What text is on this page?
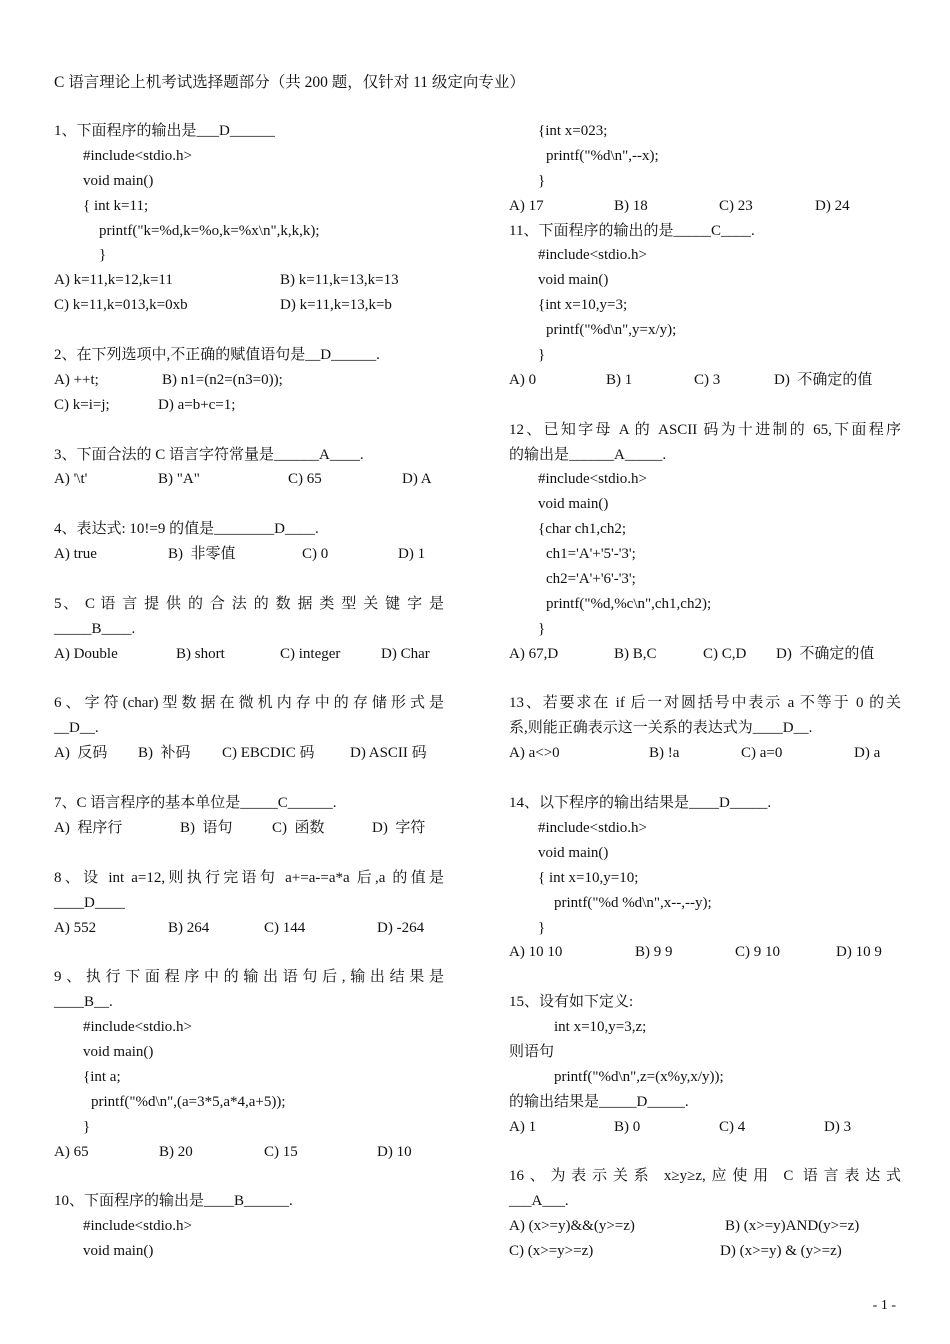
C 语言理论上机考试选择题部分（共 200 题，仅针对 11 级定向专业）
1、下面程序的输出是___D______
#include<stdio.h>
void main()
{ int k=11;
printf("k=%d,k=%o,k=%x\n",k,k,k);
}
A) k=11,k=12,k=11	B) k=11,k=13,k=13
C) k=11,k=013,k=0xb	D) k=11,k=13,k=b
2、在下列选项中,不正确的赋值语句是__D______.
A) ++t;	B) n1=(n2=(n3=0));
C) k=i=j;	D) a=b+c=1;
3、下面合法的 C 语言字符常量是______A____.
A) '\t'	B) "A"	C) 65	D) A
4、表达式: 10!=9 的值是________D____.
A) true	B)  非零值	C) 0	D) 1
5、 C 语 言 提 供 的 合 法 的 数 据 类 型 关 键 字 是
_____B____.
A) Double	B) short	C) integer	D) Char
6、字符(char)型数据在微机内存中的存储形式是
__D__.
A)  反码	B)  补码	C) EBCDIC 码	D) ASCII 码
7、C 语言程序的基本单位是_____C______.
A)  程序行	B)  语句	C)  函数	D)  字符
8、设 int a=12,则执行完语句 a+=a-=a*a 后,a 的值是
____D____
A) 552	B) 264	C) 144	D) -264
9、执行下面程序中的输出语句后,输出结果是
____B__.
#include<stdio.h>
void main()
{int a;
printf("%d\n",(a=3*5,a*4,a+5));
}
A) 65	B) 20	C) 15	D) 10
10、下面程序的输出是____B______.
#include<stdio.h>
void main()
{int x=023;
printf("%d\n",--x);
}
A) 17	B) 18	C) 23	D) 24
11、下面程序的输出的是_____C____.
#include<stdio.h>
void main()
{int x=10,y=3;
printf("%d\n",y=x/y);
}
A) 0	B) 1	C) 3	D)  不确定的值
12、已知字母 A 的 ASCII 码为十进制的 65,下面程序
的输出是______A_____.
#include<stdio.h>
void main()
{char ch1,ch2;
ch1='A'+'5'-'3';
ch2='A'+'6'-'3';
printf("%d,%c\n",ch1,ch2);
}
A) 67,D	B) B,C	C) C,D	D)  不确定的值
13、若要求在 if 后一对圆括号中表示 a 不等于 0 的关
系,则能正确表示这一关系的表达式为____D__.
A) a<>0	B) !a	C) a=0	D) a
14、以下程序的输出结果是____D_____.
#include<stdio.h>
void main()
{ int x=10,y=10;
printf("%d %d\n",x--,--y);
}
A) 10 10	B) 9 9	C) 9 10	D) 10 9
15、设有如下定义:
int x=10,y=3,z;
则语句
printf("%d\n",z=(x%y,x/y));
的输出结果是_____D_____.
A) 1	B) 0	C) 4	D) 3
16、为表示关系 x≥y≥z,应使用 C 语言表达式
___A___.
A) (x>=y)&&(y>=z)	B) (x>=y)AND(y>=z)
C) (x>=y>=z)	D) (x>=y) & (y>=z)
- 1 -
